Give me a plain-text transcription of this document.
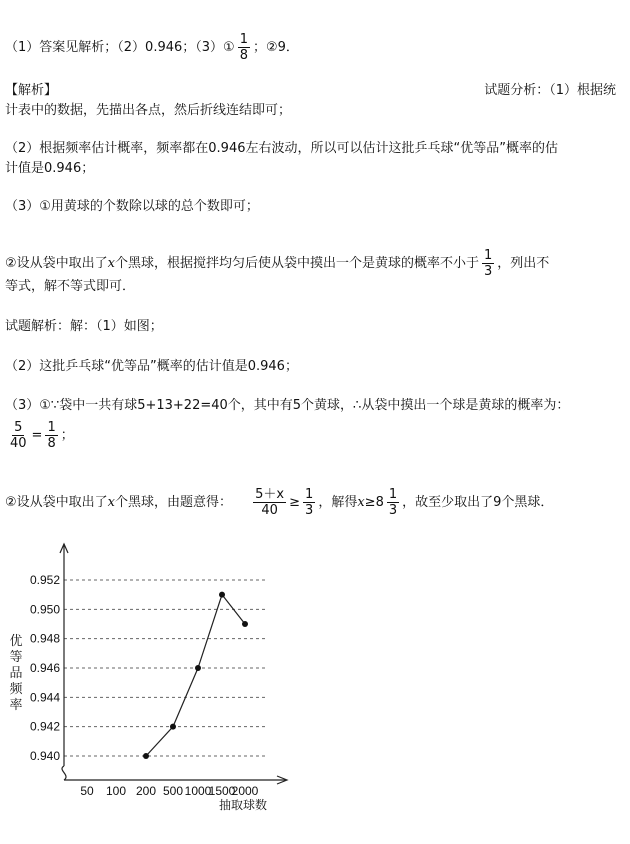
（1）答案见解析；（2）0.946；（3）① $\frac{1}{8}$ ；②9．
【解析】	试题分析：（1）根据统
计表中的数据，先描出各点，然后折线连结即可；
（2）根据频率估计概率，频率都在0.946左右波动，所以可以估计这批乒乓球“优等品”概率的估
计值是0.946；
（3）①用黄球的个数除以球的总个数即可；
②设从袋中取出了x个黑球，根据搅拌均匀后使从袋中摸出一个是黄球的概率不小于 $\frac{1}{3}$ ，列出不
等式，解不等式即可．
试题解析：解：（1）如图；
（2）这批乒乓球“优等品”概率的估计值是0.946；
（3）①∵袋中一共有球5+13+22=40个，其中有5个黄球，∴从袋中摸出一个球是黄球的概率为：
$\frac{5}{40} = \frac{1}{8}$ ；
②设从袋中取出了x个黑球，由题意得： $\frac{5+x}{40} \ge \frac{1}{3}$ ，解得$x\ge 8 \frac{1}{3}$ ，故至少取出了9个黑球．
0.940
0.942
0.944
0.946
0.948
0.950
0.952
50 100 200 500 1000
1500
2000
抽取球数
优等品频率
